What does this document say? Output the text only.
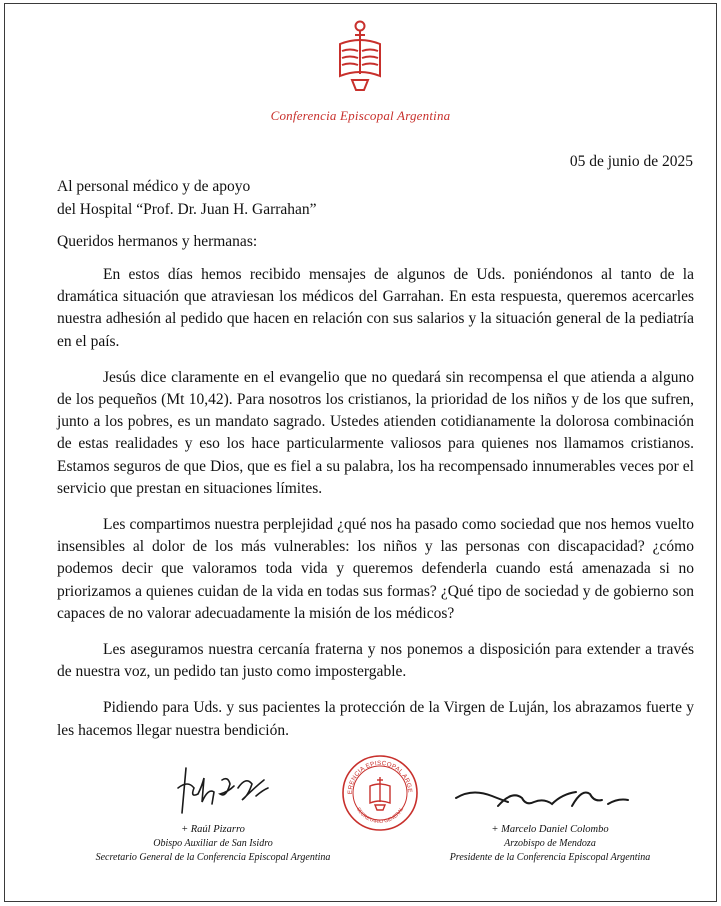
Conferencia Episcopal Argentina
05 de junio de 2025
Al personal médico y de apoyo
del Hospital “Prof. Dr. Juan H. Garrahan”
Queridos hermanos y hermanas:

En estos días hemos recibido mensajes de algunos de Uds. poniéndonos al tanto de la dramática situación que atraviesan los médicos del Garrahan. En esta respuesta, queremos acercarles nuestra adhesión al pedido que hacen en relación con sus salarios y la situación general de la pediatría en el país.

Jesús dice claramente en el evangelio que no quedará sin recompensa el que atienda a alguno de los pequeños (Mt 10,42). Para nosotros los cristianos, la prioridad de los niños y de los que sufren, junto a los pobres, es un mandato sagrado. Ustedes atienden cotidianamente la dolorosa combinación de estas realidades y eso los hace particularmente valiosos para quienes nos llamamos cristianos. Estamos seguros de que Dios, que es fiel a su palabra, los ha recompensado innumerables veces por el servicio que prestan en situaciones límites.

Les compartimos nuestra perplejidad ¿qué nos ha pasado como sociedad que nos hemos vuelto insensibles al dolor de los más vulnerables: los niños y las personas con discapacidad? ¿cómo podemos decir que valoramos toda vida y queremos defenderla cuando está amenazada si no priorizamos a quienes cuidan de la vida en todas sus formas? ¿Qué tipo de sociedad y de gobierno son capaces de no valorar adecuadamente la misión de los médicos?

Les aseguramos nuestra cercanía fraterna y nos ponemos a disposición para extender a través de nuestra voz, un pedido tan justo como impostergable.

Pidiendo para Uds. y sus pacientes la protección de la Virgen de Luján, los abrazamos fuerte y les hacemos llegar nuestra bendición.

ERENCIA EPISCOPAL ARGE
SECRETARIO GENERAL
+ Raúl Pizarro
Obispo Auxiliar de San Isidro
Secretario General de la Conferencia Episcopal Argentina
+ Marcelo Daniel Colombo
Arzobispo de Mendoza
Presidente de la Conferencia Episcopal Argentina
